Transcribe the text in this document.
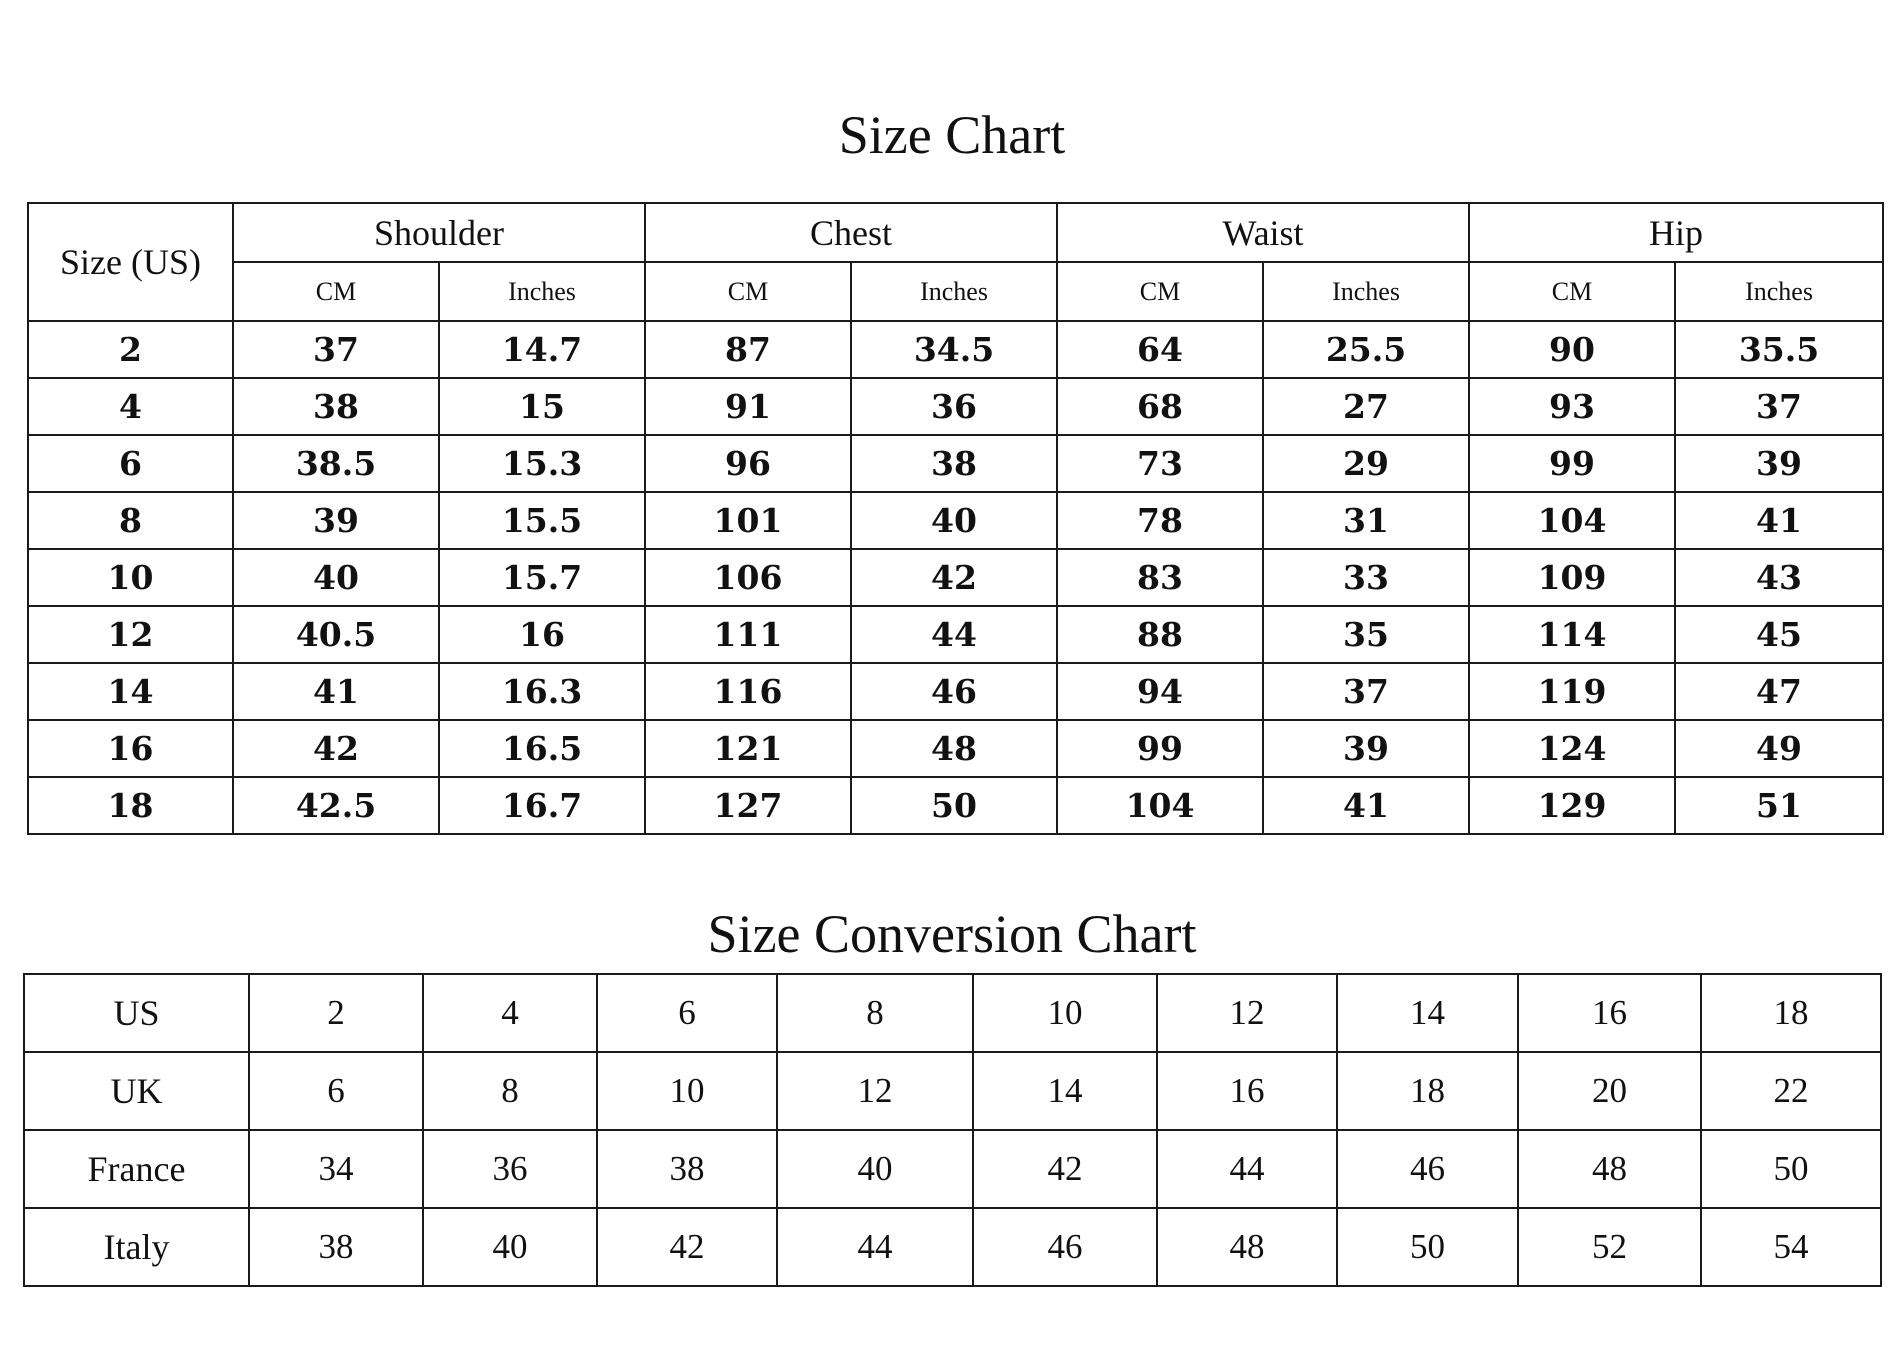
Size Chart
Size (US)	Shoulder		Chest		Waist		Hip	
	CM	Inches	CM	Inches	CM	Inches	CM	Inches
2	37	14.7	87	34.5	64	25.5	90	35.5
4	38	15	91	36	68	27	93	37
6	38.5	15.3	96	38	73	29	99	39
8	39	15.5	101	40	78	31	104	41
10	40	15.7	106	42	83	33	109	43
12	40.5	16	111	44	88	35	114	45
14	41	16.3	116	46	94	37	119	47
16	42	16.5	121	48	99	39	124	49
18	42.5	16.7	127	50	104	41	129	51
Size Conversion Chart
US	2	4	6	8	10	12	14	16	18
UK	6	8	10	12	14	16	18	20	22
France	34	36	38	40	42	44	46	48	50
Italy	38	40	42	44	46	48	50	52	54
